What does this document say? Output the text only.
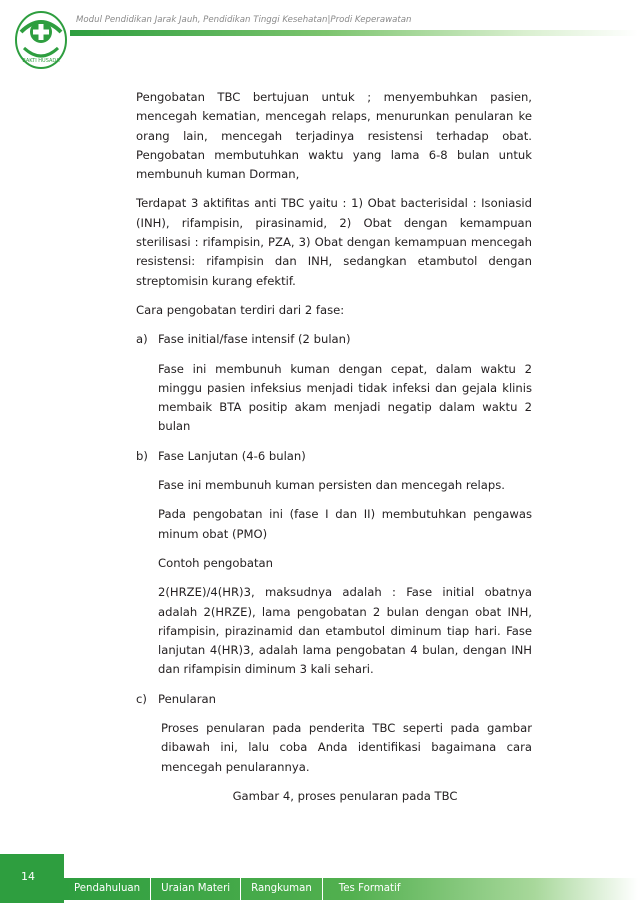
BAKTI HUSADA
Modul Pendidikan Jarak Jauh, Pendidikan Tinggi Kesehatan|Prodi Keperawatan

Pengobatan TBC bertujuan untuk ; menyembuhkan pasien, mencegah kematian, mencegah relaps, menurunkan penularan ke orang lain, mencegah terjadinya resistensi terhadap obat. Pengobatan membutuhkan waktu yang lama 6-8 bulan untuk membunuh kuman Dorman,

Terdapat 3 aktifitas anti TBC yaitu : 1) Obat bacterisidal : Isoniasid (INH), rifampisin, pirasinamid, 2) Obat dengan kemampuan sterilisasi : rifampisin, PZA, 3) Obat dengan kemampuan mencegah resistensi: rifampisin dan INH, sedangkan etambutol dengan streptomisin kurang efektif.

Cara pengobatan terdiri dari 2 fase:

a) Fase initial/fase intensif (2 bulan)
Fase ini membunuh kuman dengan cepat, dalam waktu 2 minggu pasien infeksius menjadi tidak infeksi dan gejala klinis membaik BTA positip akam menjadi negatip dalam waktu 2 bulan
b) Fase Lanjutan (4-6 bulan)
Fase ini membunuh kuman persisten dan mencegah relaps.
Pada pengobatan ini (fase I dan II) membutuhkan pengawas minum obat (PMO)
Contoh pengobatan
2(HRZE)/4(HR)3, maksudnya adalah : Fase initial obatnya adalah 2(HRZE), lama pengobatan 2 bulan dengan obat INH, rifampisin, pirazinamid dan etambutol diminum tiap hari. Fase lanjutan 4(HR)3, adalah lama pengobatan 4 bulan, dengan INH dan rifampisin diminum 3 kali sehari.
c) Penularan
Proses penularan pada penderita TBC seperti pada gambar dibawah ini, lalu coba Anda identifikasi bagaimana cara mencegah penularannya.
Gambar 4, proses penularan pada TBC
14
Pendahuluan	Uraian Materi	Rangkuman	Tes Formatif
